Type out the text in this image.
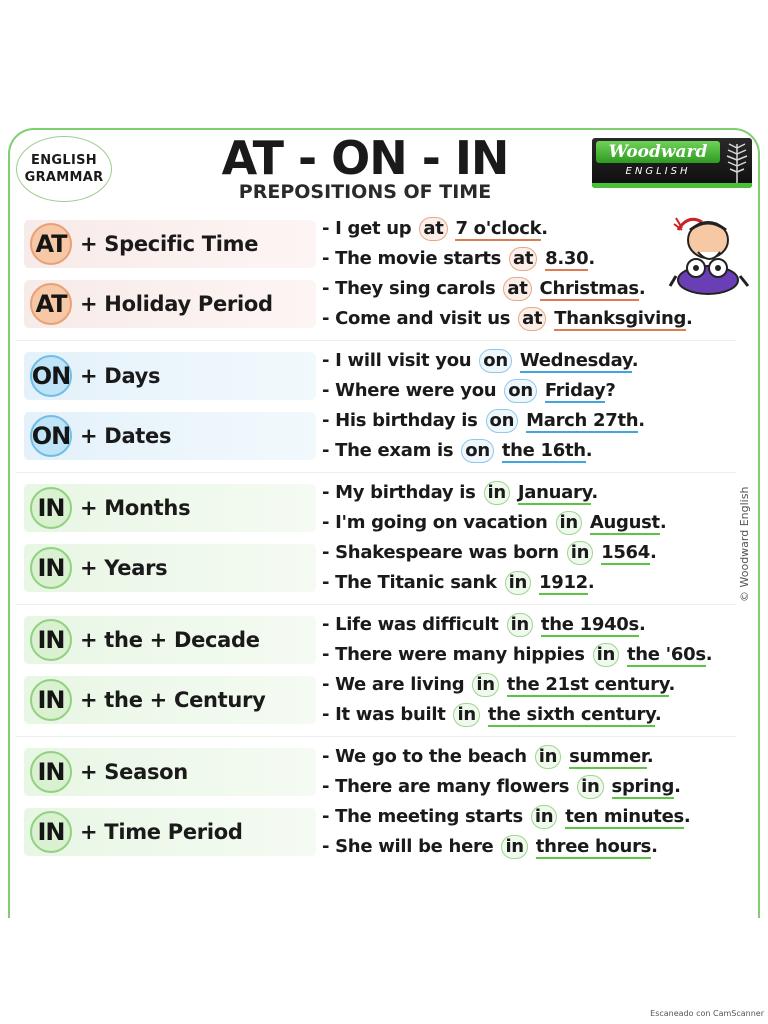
ENGLISH
GRAMMAR	AT - ON - IN
PREPOSITIONS OF TIME
Woodward
ENGLISH
AT + Specific Time
- I get up at 7 o'clock.
- The movie starts at 8.30.
AT + Holiday Period
- They sing carols at Christmas.
- Come and visit us at Thanksgiving.
ON + Days
- I will visit you on Wednesday.
- Where were you on Friday?
ON + Dates
- His birthday is on March 27th.
- The exam is on the 16th.
IN + Months
- My birthday is in January.
- I'm going on vacation in August.
IN + Years
- Shakespeare was born in 1564.
- The Titanic sank in 1912.
IN + the + Decade
- Life was difficult in the 1940s.
- There were many hippies in the '60s.
IN + the + Century
- We are living in the 21st century.
- It was built in the sixth century.
IN + Season
- We go to the beach in summer.
- There are many flowers in spring.
IN + Time Period
- The meeting starts in ten minutes.
- She will be here in three hours.
© Woodward English
Escaneado con CamScanner
